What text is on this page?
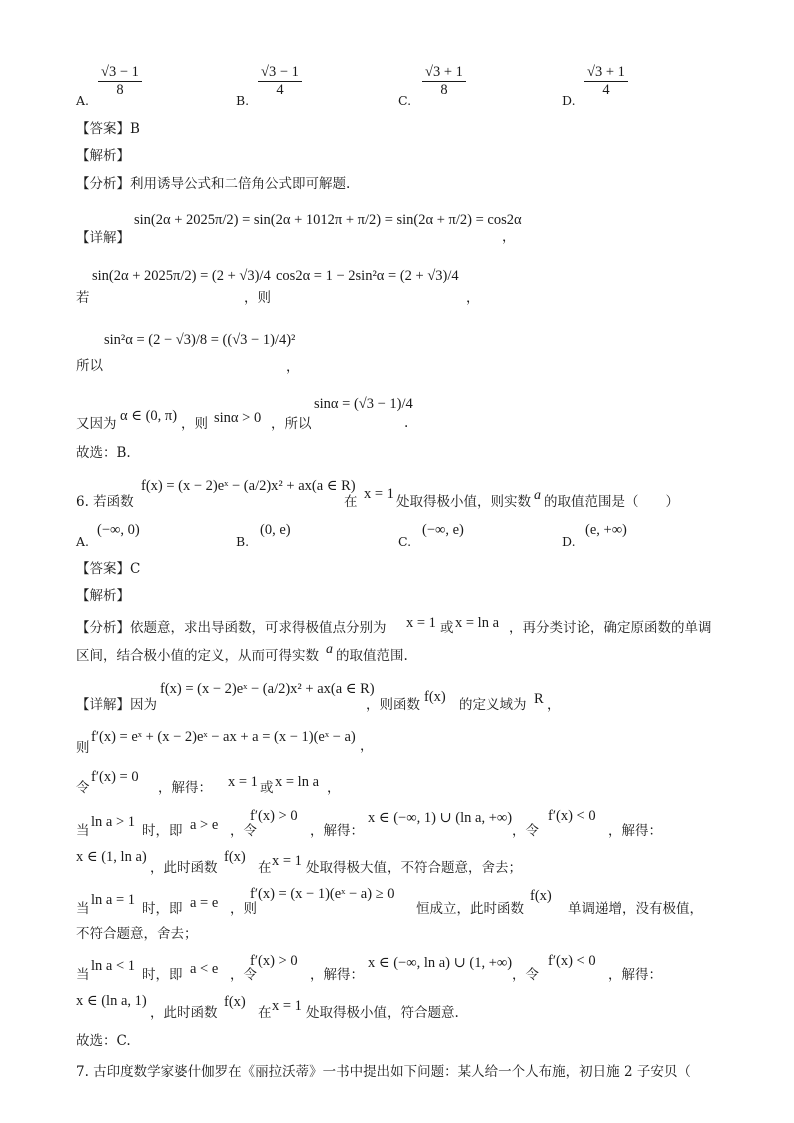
A.
$\frac{√3 - 1}{8}$
B.
$\frac{√3 - 1}{4}$
C.
$\frac{√3 + 1}{8}$
D.
$\frac{√3 + 1}{4}$
【答案】B
【解析】
【分析】利用诱导公式和二倍角公式即可解题.
【详解】
sin(2α + 2025π/2) = sin(2α + 1012π + π/2) = sin(2α + π/2) = cos2α
，
若
sin(2α + 2025π/2) = (2 + √3)/4
，则
cos2α = 1 − 2sin²α = (2 + √3)/4
，
所以
sin²α = (2 − √3)/8 = ((√3 − 1)/4)²
，
又因为 α ∈ (0, π) ，则 sinα > 0 ，所以
sinα = (√3 − 1)/4
.
故选：B.
6. 若函数
f(x) = (x − 2)eˣ − (a/2)x² + ax(a ∈ R)
在 x = 1 处取得极小值，则实数 a 的取值范围是（　　）
A.
(−∞, 0)
B.
(0, e)
C.
(−∞, e)
D.
(e, +∞)
【答案】C
【解析】
【分析】依题意，求出导函数，可求得极值点分别为 x = 1 或 x = ln a ，再分类讨论，确定原函数的单调
区间，结合极小值的定义，从而可得实数 a 的取值范围.
【详解】因为
f(x) = (x − 2)eˣ − (a/2)x² + ax(a ∈ R)
，则函数 f(x) 的定义域为 R ，
则
f′(x) = eˣ + (x − 2)eˣ − ax + a = (x − 1)(eˣ − a)
，
令
f′(x) = 0
，解得： x = 1 或 x = ln a ，
当
ln a > 1
时，即 a > e ，令
f′(x) > 0
，解得：
x ∈ (−∞, 1) ∪ (ln a, +∞)
，令
f′(x) < 0
，解得：
x ∈ (1, ln a)
，此时函数
f(x)
在 x = 1 处取得极大值，不符合题意，舍去；
当
ln a = 1
时，即 a = e ，则
f′(x) = (x − 1)(eˣ − a) ≥ 0
恒成立，此时函数
f(x)
单调递增，没有极值，
不符合题意，舍去；
当
ln a < 1
时，即 a < e ，令
f′(x) > 0
，解得：
x ∈ (−∞, ln a) ∪ (1, +∞)
，令
f′(x) < 0
，解得：
x ∈ (ln a, 1)
，此时函数
f(x)
在 x = 1 处取得极小值，符合题意.
故选：C.
7. 古印度数学家婆什伽罗在《丽拉沃蒂》一书中提出如下问题：某人给一个人布施，初日施 2 子安贝（
